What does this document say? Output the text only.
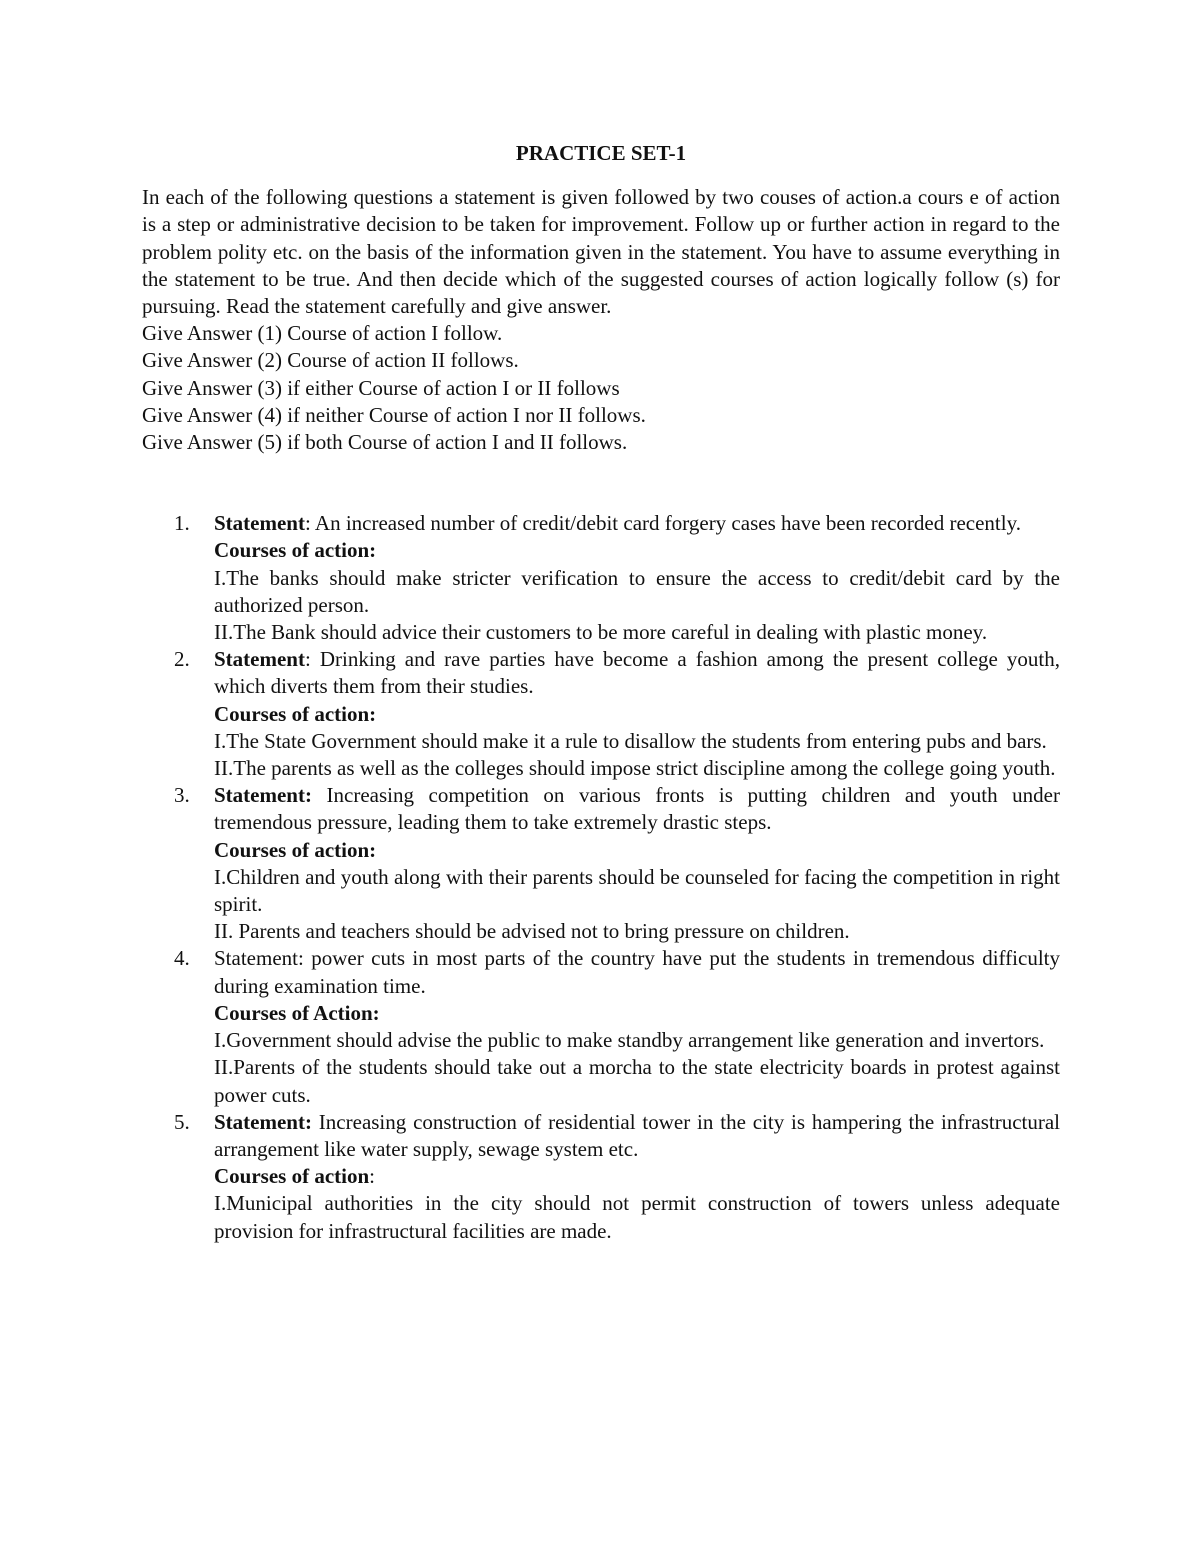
PRACTICE SET-1

In each of the following questions a statement is given followed by two couses of action.a cours e of action is a step or administrative decision to be taken for improvement. Follow up or further action in regard to the problem polity etc. on the basis of the information given in the statement. You have to assume everything in the statement to be true. And then decide which of the suggested courses of action logically follow (s) for pursuing. Read the statement carefully and give answer.

Give Answer (1) Course of action I follow.
Give Answer (2) Course of action II follows.
Give Answer (3) if either Course of action I or II follows
Give Answer (4) if neither Course of action I nor II follows.
Give Answer (5) if both Course of action I and II follows.
1. Statement: An increased number of credit/debit card forgery cases have been recorded recently.
Courses of action:
I.The banks should make stricter verification to ensure the access to credit/debit card by the authorized person.
II.The Bank should advice their customers to be more careful in dealing with plastic money.
2. Statement: Drinking and rave parties have become a fashion among the present college youth, which diverts them from their studies.
Courses of action:
I.The State Government should make it a rule to disallow the students from entering pubs and bars.
II.The parents as well as the colleges should impose strict discipline among the college going youth.
3. Statement: Increasing competition on various fronts is putting children and youth under tremendous pressure, leading them to take extremely drastic steps.
Courses of action:
I.Children and youth along with their parents should be counseled for facing the competition in right spirit.
II. Parents and teachers should be advised not to bring pressure on children.
4. Statement: power cuts in most parts of the country have put the students in tremendous difficulty during examination time.
Courses of Action:
I.Government should advise the public to make standby arrangement like generation and invertors.
II.Parents of the students should take out a morcha to the state electricity boards in protest against power cuts.
5. Statement: Increasing construction of residential tower in the city is hampering the infrastructural arrangement like water supply, sewage system etc.
Courses of action:
I.Municipal authorities in the city should not permit construction of towers unless adequate provision for infrastructural facilities are made.
